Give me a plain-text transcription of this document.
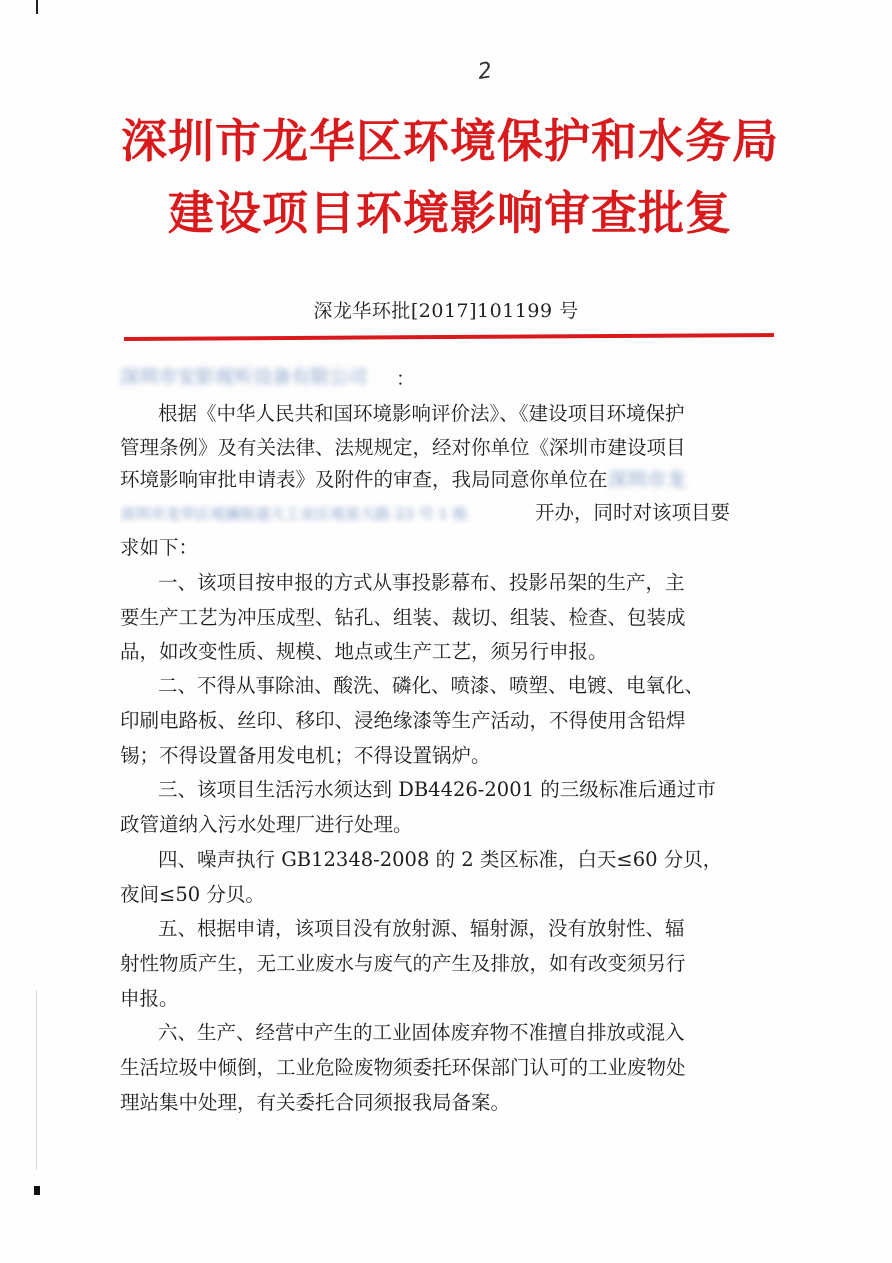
2
深圳市龙华区环境保护和水务局
建设项目环境影响审查批复
深龙华环批[2017]101199 号
深圳市安影视听设备有限公司	：
根据《中华人民共和国环境影响评价法》、《建设项目环境保护
管理条例》及有关法律、法规规定，经对你单位《深圳市建设项目
环境影响审批申请表》及附件的审查，我局同意你单位在深圳市龙
深圳市龙华区观澜街道大工业区观星大路 23 号 1 栋	开办，同时对该项目要
求如下：
一、该项目按申报的方式从事投影幕布、投影吊架的生产，主
要生产工艺为冲压成型、钻孔、组装、裁切、组装、检查、包装成
品，如改变性质、规模、地点或生产工艺，须另行申报。
二、不得从事除油、酸洗、磷化、喷漆、喷塑、电镀、电氧化、
印刷电路板、丝印、移印、浸绝缘漆等生产活动，不得使用含铅焊
锡；不得设置备用发电机；不得设置锅炉。
三、该项目生活污水须达到 DB4426-2001 的三级标准后通过市
政管道纳入污水处理厂进行处理。
四、噪声执行 GB12348-2008 的 2 类区标准，白天≤60 分贝，
夜间≤50 分贝。
五、根据申请，该项目没有放射源、辐射源，没有放射性、辐
射性物质产生，无工业废水与废气的产生及排放，如有改变须另行
申报。
六、生产、经营中产生的工业固体废弃物不准擅自排放或混入
生活垃圾中倾倒，工业危险废物须委托环保部门认可的工业废物处
理站集中处理，有关委托合同须报我局备案。
